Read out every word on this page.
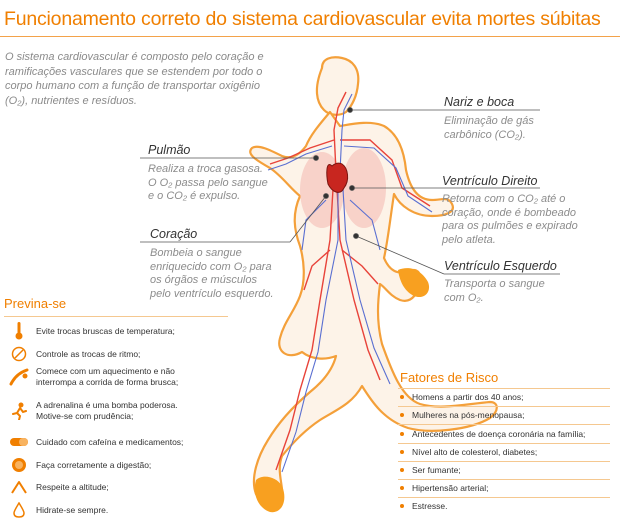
Funcionamento correto do sistema cardiovascular evita mortes súbitas
O sistema cardiovascular é composto pelo coração e ramificações vasculares que se estendem por todo o corpo humano com a função de transportar oxigênio (O₂), nutrientes e resíduos.	Nariz e boca
Eliminação de gás
carbônico (CO₂).
Pulmão
Realiza a troca gasosa.
O O₂ passa pelo sangue
e o CO₂ é expulso.
Ventrículo Direito
Retorna com o CO₂ até o
coração, onde é bombeado
para os pulmões e expirado
pelo atleta.
Coração
Bombeia o sangue
enriquecido com O₂ para
os órgãos e músculos
pelo ventrículo esquerdo.
Ventrículo Esquerdo
Transporta o sangue
com O₂.
Previna-se
Evite trocas bruscas de temperatura;
Controle as trocas de ritmo;
Comece com um aquecimento e não
interrompa a corrida de forma brusca;
A adrenalina é uma bomba poderosa.
Motive-se com prudência;
Cuidado com cafeína e medicamentos;
Faça corretamente a digestão;
Respeite a altitude;
Hidrate-se sempre.
Fatores de Risco
Homens a partir dos 40 anos;
Mulheres na pós-menopausa;
Antecedentes de doença coronária na família;
Nível alto de colesterol, diabetes;
Ser fumante;
Hipertensão arterial;
Estresse.
